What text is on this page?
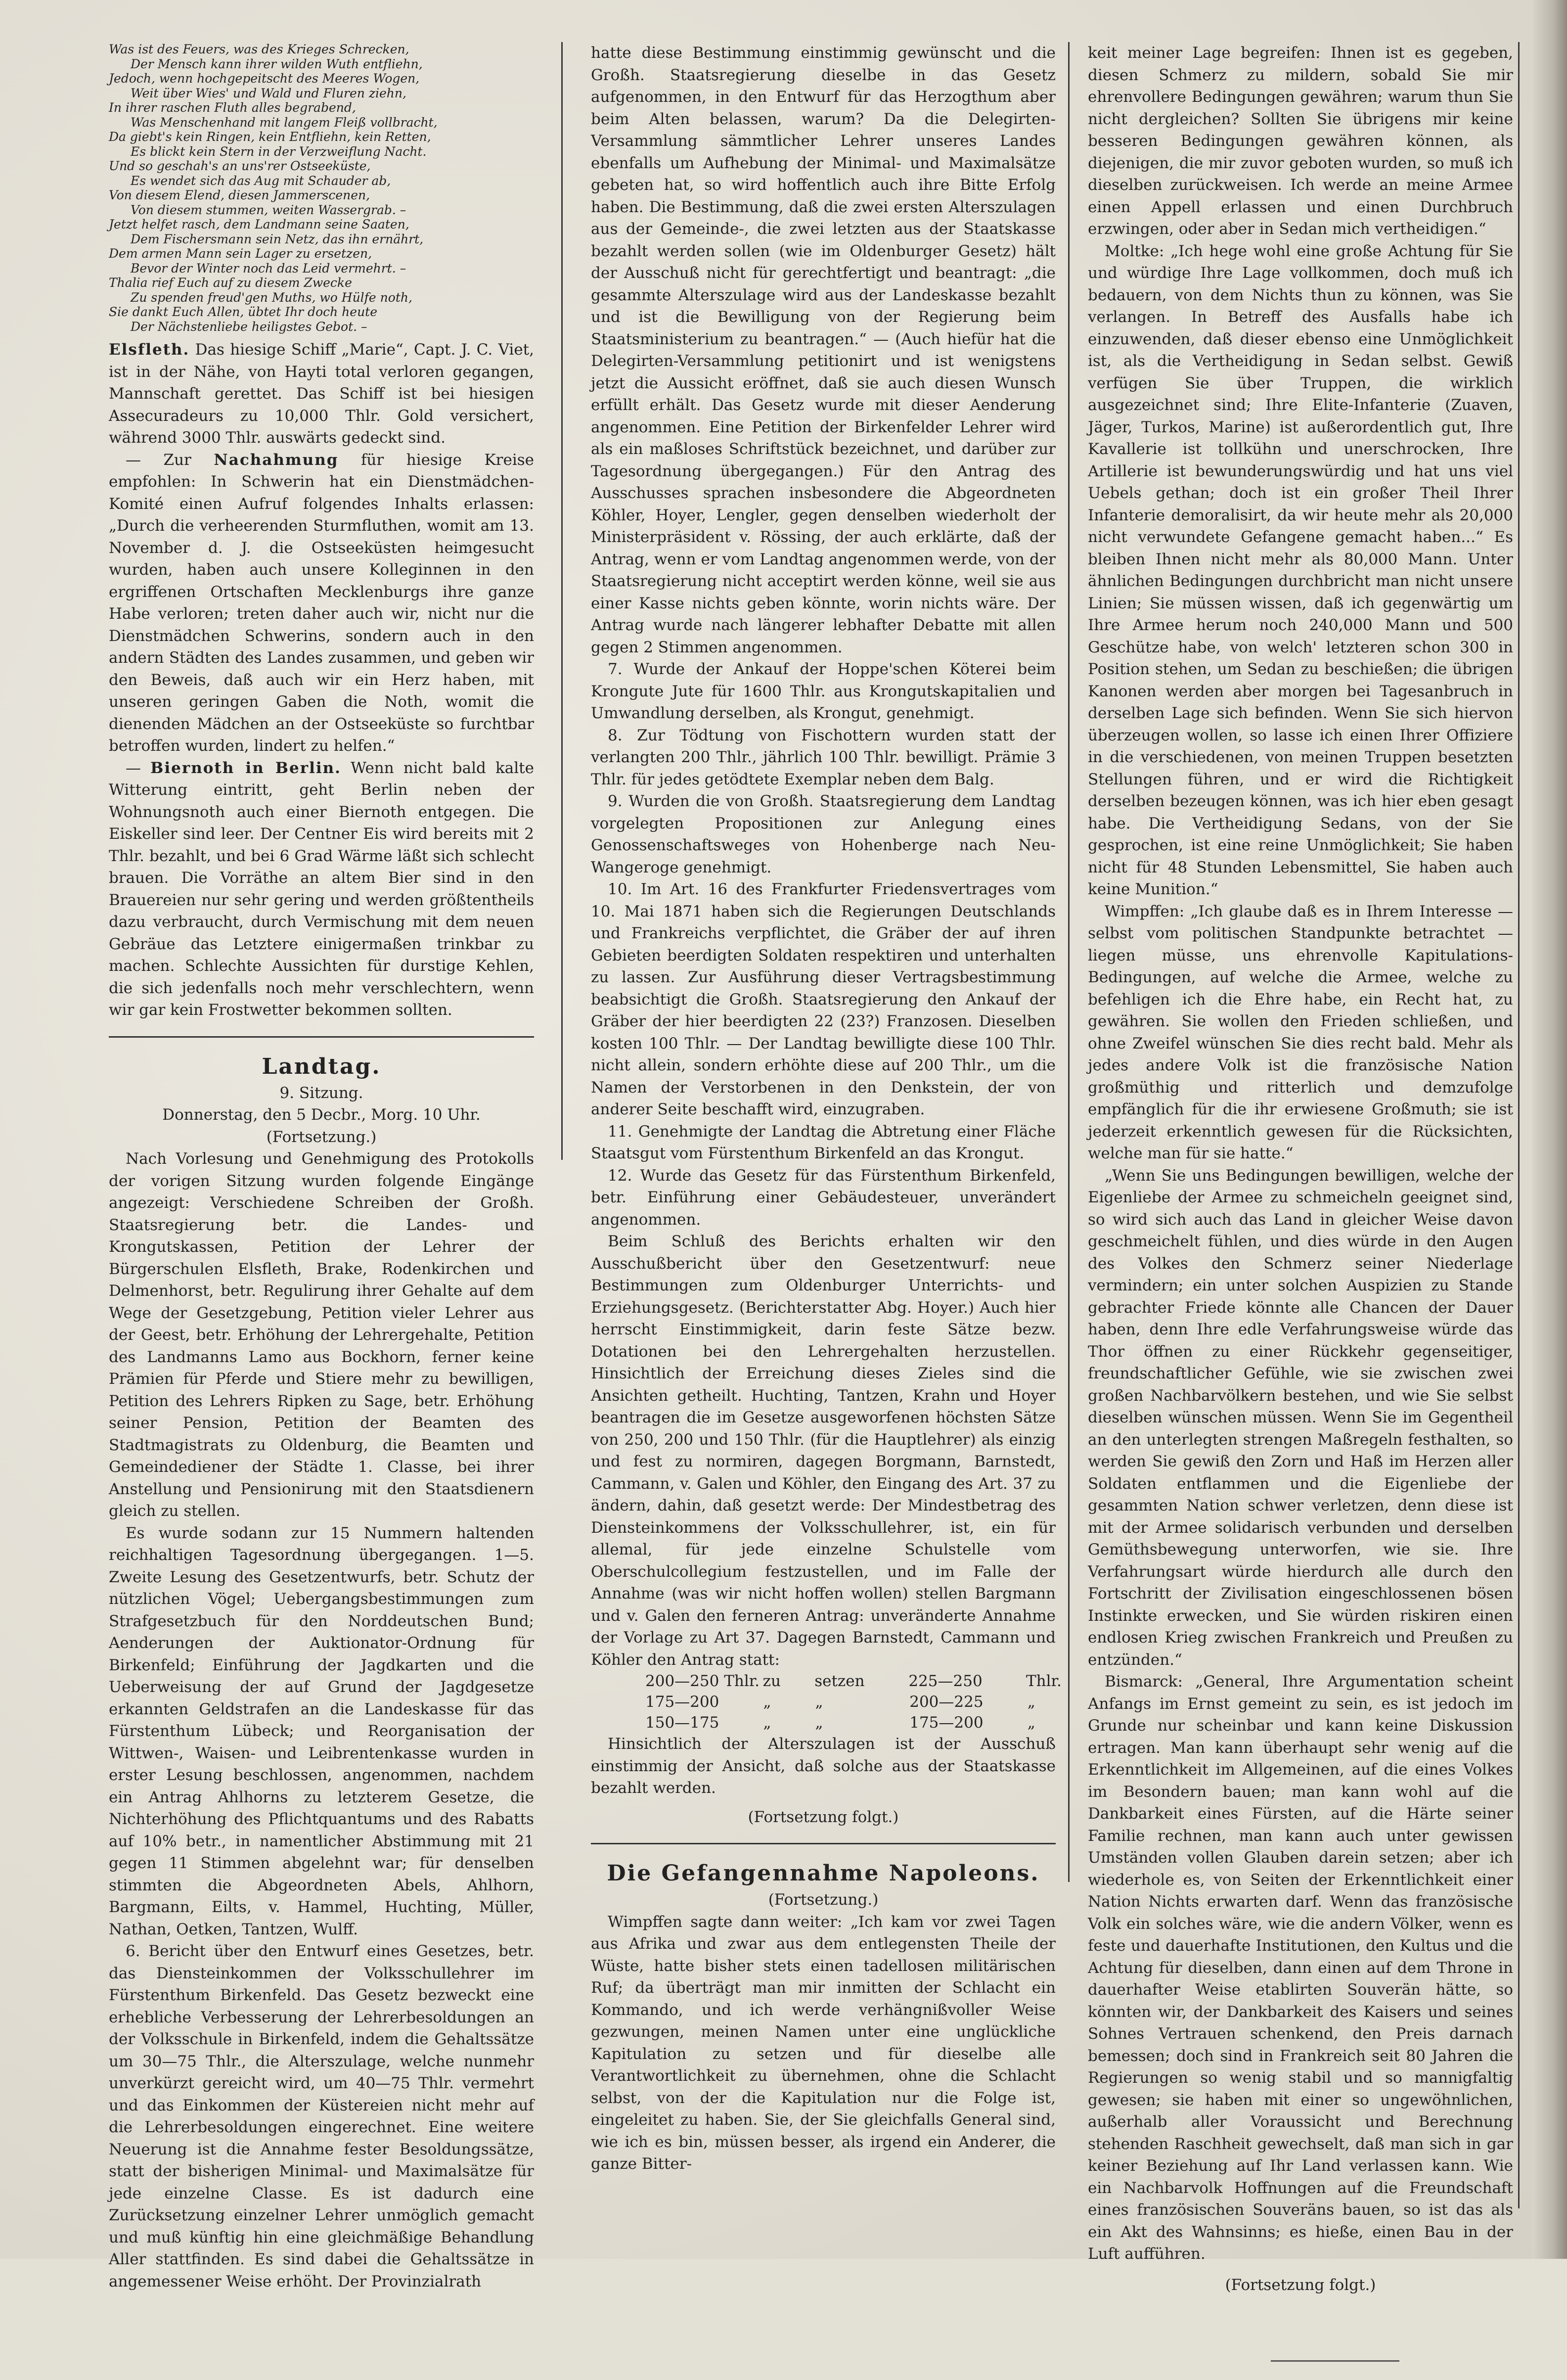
Was ist des Feuers, was des Krieges Schrecken,

Der Mensch kann ihrer wilden Wuth entfliehn,

Jedoch, wenn hochgepeitscht des Meeres Wogen,

Weit über Wies' und Wald und Fluren ziehn,

In ihrer raschen Fluth alles begrabend,

Was Menschenhand mit langem Fleiß vollbracht,

Da giebt's kein Ringen, kein Entfliehn, kein Retten,

Es blickt kein Stern in der Verzweiflung Nacht.

Und so geschah's an uns'rer Ostseeküste,

Es wendet sich das Aug mit Schauder ab,

Von diesem Elend, diesen Jammerscenen,

Von diesem stummen, weiten Wassergrab. –

Jetzt helfet rasch, dem Landmann seine Saaten,

Dem Fischersmann sein Netz, das ihn ernährt,

Dem armen Mann sein Lager zu ersetzen,

Bevor der Winter noch das Leid vermehrt. –

Thalia rief Euch auf zu diesem Zwecke

Zu spenden freud'gen Muths, wo Hülfe noth,

Sie dankt Euch Allen, übtet Ihr doch heute

Der Nächstenliebe heiligstes Gebot. –

Elsfleth. Das hiesige Schiff „Marie“, Capt. J. C. Viet, ist in der Nähe, von Hayti total verloren gegangen, Mannschaft gerettet. Das Schiff ist bei hiesigen Assecuradeurs zu 10,000 Thlr. Gold versichert, während 3000 Thlr. auswärts gedeckt sind.

— Zur Nachahmung für hiesige Kreise empfohlen: In Schwerin hat ein Dienstmädchen-Komité einen Aufruf folgendes Inhalts erlassen: „Durch die verheerenden Sturmfluthen, womit am 13. November d. J. die Ostseeküsten heimgesucht wurden, haben auch unsere Kolleginnen in den ergriffenen Ortschaften Mecklenburgs ihre ganze Habe verloren; treten daher auch wir, nicht nur die Dienstmädchen Schwerins, sondern auch in den andern Städten des Landes zusammen, und geben wir den Beweis, daß auch wir ein Herz haben, mit unseren geringen Gaben die Noth, womit die dienenden Mädchen an der Ostseeküste so furchtbar betroffen wurden, lindert zu helfen.“

— Biernoth in Berlin. Wenn nicht bald kalte Witterung eintritt, geht Berlin neben der Wohnungsnoth auch einer Biernoth entgegen. Die Eiskeller sind leer. Der Centner Eis wird bereits mit 2 Thlr. bezahlt, und bei 6 Grad Wärme läßt sich schlecht brauen. Die Vorräthe an altem Bier sind in den Brauereien nur sehr gering und werden größtentheils dazu verbraucht, durch Vermischung mit dem neuen Gebräue das Letztere einigermaßen trinkbar zu machen. Schlechte Aussichten für durstige Kehlen, die sich jedenfalls noch mehr verschlechtern, wenn wir gar kein Frostwetter bekommen sollten.

Landtag.

9. Sitzung.

Donnerstag, den 5 Decbr., Morg. 10 Uhr.

(Fortsetzung.)

Nach Vorlesung und Genehmigung des Protokolls der vorigen Sitzung wurden folgende Eingänge angezeigt: Verschiedene Schreiben der Großh. Staatsregierung betr. die Landes- und Krongutskassen, Petition der Lehrer der Bürgerschulen Elsfleth, Brake, Rodenkirchen und Delmenhorst, betr. Regulirung ihrer Gehalte auf dem Wege der Gesetzgebung, Petition vieler Lehrer aus der Geest, betr. Erhöhung der Lehrergehalte, Petition des Landmanns Lamo aus Bockhorn, ferner keine Prämien für Pferde und Stiere mehr zu bewilligen, Petition des Lehrers Ripken zu Sage, betr. Erhöhung seiner Pension, Petition der Beamten des Stadtmagistrats zu Oldenburg, die Beamten und Gemeindediener der Städte 1. Classe, bei ihrer Anstellung und Pensionirung mit den Staatsdienern gleich zu stellen.

Es wurde sodann zur 15 Nummern haltenden reichhaltigen Tagesordnung übergegangen. 1—5. Zweite Lesung des Gesetzentwurfs, betr. Schutz der nützlichen Vögel; Uebergangsbestimmungen zum Strafgesetzbuch für den Norddeutschen Bund; Aenderungen der Auktionator-Ordnung für Birkenfeld; Einführung der Jagdkarten und die Ueberweisung der auf Grund der Jagdgesetze erkannten Geldstrafen an die Landeskasse für das Fürstenthum Lübeck; und Reorganisation der Wittwen-, Waisen- und Leibrentenkasse wurden in erster Lesung beschlossen, angenommen, nachdem ein Antrag Ahlhorns zu letzterem Gesetze, die Nichterhöhung des Pflichtquantums und des Rabatts auf 10% betr., in namentlicher Abstimmung mit 21 gegen 11 Stimmen abgelehnt war; für denselben stimmten die Abgeordneten Abels, Ahlhorn, Bargmann, Eilts, v. Hammel, Huchting, Müller, Nathan, Oetken, Tantzen, Wulff.

6. Bericht über den Entwurf eines Gesetzes, betr. das Diensteinkommen der Volksschullehrer im Fürstenthum Birkenfeld. Das Gesetz bezweckt eine erhebliche Verbesserung der Lehrerbesoldungen an der Volksschule in Birkenfeld, indem die Gehaltssätze um 30—75 Thlr., die Alterszulage, welche nunmehr unverkürzt gereicht wird, um 40—75 Thlr. vermehrt und das Einkommen der Küstereien nicht mehr auf die Lehrerbesoldungen eingerechnet. Eine weitere Neuerung ist die Annahme fester Besoldungssätze, statt der bisherigen Minimal- und Maximalsätze für jede einzelne Classe. Es ist dadurch eine Zurücksetzung einzelner Lehrer unmöglich gemacht und muß künftig hin eine gleichmäßige Behandlung Aller stattfinden. Es sind dabei die Gehaltssätze in angemessener Weise erhöht. Der Provinzialrath

hatte diese Bestimmung einstimmig gewünscht und die Großh. Staatsregierung dieselbe in das Gesetz aufgenommen, in den Entwurf für das Herzogthum aber beim Alten belassen, warum? Da die Delegirten-Versammlung sämmtlicher Lehrer unseres Landes ebenfalls um Aufhebung der Minimal- und Maximalsätze gebeten hat, so wird hoffentlich auch ihre Bitte Erfolg haben. Die Bestimmung, daß die zwei ersten Alterszulagen aus der Gemeinde-, die zwei letzten aus der Staatskasse bezahlt werden sollen (wie im Oldenburger Gesetz) hält der Ausschuß nicht für gerechtfertigt und beantragt: „die gesammte Alterszulage wird aus der Landeskasse bezahlt und ist die Bewilligung von der Regierung beim Staatsministerium zu beantragen.“ — (Auch hiefür hat die Delegirten-Versammlung petitionirt und ist wenigstens jetzt die Aussicht eröffnet, daß sie auch diesen Wunsch erfüllt erhält. Das Gesetz wurde mit dieser Aenderung angenommen. Eine Petition der Birkenfelder Lehrer wird als ein maßloses Schriftstück bezeichnet, und darüber zur Tagesordnung übergegangen.) Für den Antrag des Ausschusses sprachen insbesondere die Abgeordneten Köhler, Hoyer, Lengler, gegen denselben wiederholt der Ministerpräsident v. Rössing, der auch erklärte, daß der Antrag, wenn er vom Landtag angenommen werde, von der Staatsregierung nicht acceptirt werden könne, weil sie aus einer Kasse nichts geben könnte, worin nichts wäre. Der Antrag wurde nach längerer lebhafter Debatte mit allen gegen 2 Stimmen angenommen.

7. Wurde der Ankauf der Hoppe'schen Köterei beim Krongute Jute für 1600 Thlr. aus Krongutskapitalien und Umwandlung derselben, als Krongut, genehmigt.

8. Zur Tödtung von Fischottern wurden statt der verlangten 200 Thlr., jährlich 100 Thlr. bewilligt. Prämie 3 Thlr. für jedes getödtete Exemplar neben dem Balg.

9. Wurden die von Großh. Staatsregierung dem Landtag vorgelegten Propositionen zur Anlegung eines Genossenschaftsweges von Hohenberge nach Neu-Wangeroge genehmigt.

10. Im Art. 16 des Frankfurter Friedensvertrages vom 10. Mai 1871 haben sich die Regierungen Deutschlands und Frankreichs verpflichtet, die Gräber der auf ihren Gebieten beerdigten Soldaten respektiren und unterhalten zu lassen. Zur Ausführung dieser Vertragsbestimmung beabsichtigt die Großh. Staatsregierung den Ankauf der Gräber der hier beerdigten 22 (23?) Franzosen. Dieselben kosten 100 Thlr. — Der Landtag bewilligte diese 100 Thlr. nicht allein, sondern erhöhte diese auf 200 Thlr., um die Namen der Verstorbenen in den Denkstein, der von anderer Seite beschafft wird, einzugraben.

11. Genehmigte der Landtag die Abtretung einer Fläche Staatsgut vom Fürstenthum Birkenfeld an das Krongut.

12. Wurde das Gesetz für das Fürstenthum Birkenfeld, betr. Einführung einer Gebäudesteuer, unverändert angenommen.

Beim Schluß des Berichts erhalten wir den Ausschußbericht über den Gesetzentwurf: neue Bestimmungen zum Oldenburger Unterrichts- und Erziehungsgesetz. (Berichterstatter Abg. Hoyer.) Auch hier herrscht Einstimmigkeit, darin feste Sätze bezw. Dotationen bei den Lehrergehalten herzustellen. Hinsichtlich der Erreichung dieses Zieles sind die Ansichten getheilt. Huchting, Tantzen, Krahn und Hoyer beantragen die im Gesetze ausgeworfenen höchsten Sätze von 250, 200 und 150 Thlr. (für die Hauptlehrer) als einzig und fest zu normiren, dagegen Borgmann, Barnstedt, Cammann, v. Galen und Köhler, den Eingang des Art. 37 zu ändern, dahin, daß gesetzt werde: Der Mindestbetrag des Diensteinkommens der Volksschullehrer, ist, ein für allemal, für jede einzelne Schulstelle vom Oberschulcollegium festzustellen, und im Falle der Annahme (was wir nicht hoffen wollen) stellen Bargmann und v. Galen den ferneren Antrag: unveränderte Annahme der Vorlage zu Art 37. Dagegen Barnstedt, Cammann und Köhler den Antrag statt:

200—250 Thlr. zu	setzen	225—250	Thlr.
175—200	„	„	200—225	„
150—175	„	„	175—200	„

Hinsichtlich der Alterszulagen ist der Ausschuß einstimmig der Ansicht, daß solche aus der Staatskasse bezahlt werden.

(Fortsetzung folgt.)

Die Gefangennahme Napoleons.

(Fortsetzung.)

Wimpffen sagte dann weiter: „Ich kam vor zwei Tagen aus Afrika und zwar aus dem entlegensten Theile der Wüste, hatte bisher stets einen tadellosen militärischen Ruf; da überträgt man mir inmitten der Schlacht ein Kommando, und ich werde verhängnißvoller Weise gezwungen, meinen Namen unter eine unglückliche Kapitulation zu setzen und für dieselbe alle Verantwortlichkeit zu übernehmen, ohne die Schlacht selbst, von der die Kapitulation nur die Folge ist, eingeleitet zu haben. Sie, der Sie gleichfalls General sind, wie ich es bin, müssen besser, als irgend ein Anderer, die ganze Bitter-

keit meiner Lage begreifen: Ihnen ist es gegeben, diesen Schmerz zu mildern, sobald Sie mir ehrenvollere Bedingungen gewähren; warum thun Sie nicht dergleichen? Sollten Sie übrigens mir keine besseren Bedingungen gewähren können, als diejenigen, die mir zuvor geboten wurden, so muß ich dieselben zurückweisen. Ich werde an meine Armee einen Appell erlassen und einen Durchbruch erzwingen, oder aber in Sedan mich vertheidigen.“

Moltke: „Ich hege wohl eine große Achtung für Sie und würdige Ihre Lage vollkommen, doch muß ich bedauern, von dem Nichts thun zu können, was Sie verlangen. In Betreff des Ausfalls habe ich einzuwenden, daß dieser ebenso eine Unmöglichkeit ist, als die Vertheidigung in Sedan selbst. Gewiß verfügen Sie über Truppen, die wirklich ausgezeichnet sind; Ihre Elite-Infanterie (Zuaven, Jäger, Turkos, Marine) ist außerordentlich gut, Ihre Kavallerie ist tollkühn und unerschrocken, Ihre Artillerie ist bewunderungswürdig und hat uns viel Uebels gethan; doch ist ein großer Theil Ihrer Infanterie demoralisirt, da wir heute mehr als 20,000 nicht verwundete Gefangene gemacht haben...“ Es bleiben Ihnen nicht mehr als 80,000 Mann. Unter ähnlichen Bedingungen durchbricht man nicht unsere Linien; Sie müssen wissen, daß ich gegenwärtig um Ihre Armee herum noch 240,000 Mann und 500 Geschütze habe, von welch' letzteren schon 300 in Position stehen, um Sedan zu beschießen; die übrigen Kanonen werden aber morgen bei Tagesanbruch in derselben Lage sich befinden. Wenn Sie sich hiervon überzeugen wollen, so lasse ich einen Ihrer Offiziere in die verschiedenen, von meinen Truppen besetzten Stellungen führen, und er wird die Richtigkeit derselben bezeugen können, was ich hier eben gesagt habe. Die Vertheidigung Sedans, von der Sie gesprochen, ist eine reine Unmöglichkeit; Sie haben nicht für 48 Stunden Lebensmittel, Sie haben auch keine Munition.“

Wimpffen: „Ich glaube daß es in Ihrem Interesse — selbst vom politischen Standpunkte betrachtet — liegen müsse, uns ehrenvolle Kapitulations-Bedingungen, auf welche die Armee, welche zu befehligen ich die Ehre habe, ein Recht hat, zu gewähren. Sie wollen den Frieden schließen, und ohne Zweifel wünschen Sie dies recht bald. Mehr als jedes andere Volk ist die französische Nation großmüthig und ritterlich und demzufolge empfänglich für die ihr erwiesene Großmuth; sie ist jederzeit erkenntlich gewesen für die Rücksichten, welche man für sie hatte.“

„Wenn Sie uns Bedingungen bewilligen, welche der Eigenliebe der Armee zu schmeicheln geeignet sind, so wird sich auch das Land in gleicher Weise davon geschmeichelt fühlen, und dies würde in den Augen des Volkes den Schmerz seiner Niederlage vermindern; ein unter solchen Auspizien zu Stande gebrachter Friede könnte alle Chancen der Dauer haben, denn Ihre edle Verfahrungsweise würde das Thor öffnen zu einer Rückkehr gegenseitiger, freundschaftlicher Gefühle, wie sie zwischen zwei großen Nachbarvölkern bestehen, und wie Sie selbst dieselben wünschen müssen. Wenn Sie im Gegentheil an den unterlegten strengen Maßregeln festhalten, so werden Sie gewiß den Zorn und Haß im Herzen aller Soldaten entflammen und die Eigenliebe der gesammten Nation schwer verletzen, denn diese ist mit der Armee solidarisch verbunden und derselben Gemüthsbewegung unterworfen, wie sie. Ihre Verfahrungsart würde hierdurch alle durch den Fortschritt der Zivilisation eingeschlossenen bösen Instinkte erwecken, und Sie würden riskiren einen endlosen Krieg zwischen Frankreich und Preußen zu entzünden.“

Bismarck: „General, Ihre Argumentation scheint Anfangs im Ernst gemeint zu sein, es ist jedoch im Grunde nur scheinbar und kann keine Diskussion ertragen. Man kann überhaupt sehr wenig auf die Erkenntlichkeit im Allgemeinen, auf die eines Volkes im Besondern bauen; man kann wohl auf die Dankbarkeit eines Fürsten, auf die Härte seiner Familie rechnen, man kann auch unter gewissen Umständen vollen Glauben darein setzen; aber ich wiederhole es, von Seiten der Erkenntlichkeit einer Nation Nichts erwarten darf. Wenn das französische Volk ein solches wäre, wie die andern Völker, wenn es feste und dauerhafte Institutionen, den Kultus und die Achtung für dieselben, dann einen auf dem Throne in dauerhafter Weise etablirten Souverän hätte, so könnten wir, der Dankbarkeit des Kaisers und seines Sohnes Vertrauen schenkend, den Preis darnach bemessen; doch sind in Frankreich seit 80 Jahren die Regierungen so wenig stabil und so mannigfaltig gewesen; sie haben mit einer so ungewöhnlichen, außerhalb aller Voraussicht und Berechnung stehenden Raschheit gewechselt, daß man sich in gar keiner Beziehung auf Ihr Land verlassen kann. Wie ein Nachbarvolk Hoffnungen auf die Freundschaft eines französischen Souveräns bauen, so ist das als ein Akt des Wahnsinns; es hieße, einen Bau in der Luft aufführen.

(Fortsetzung folgt.)
